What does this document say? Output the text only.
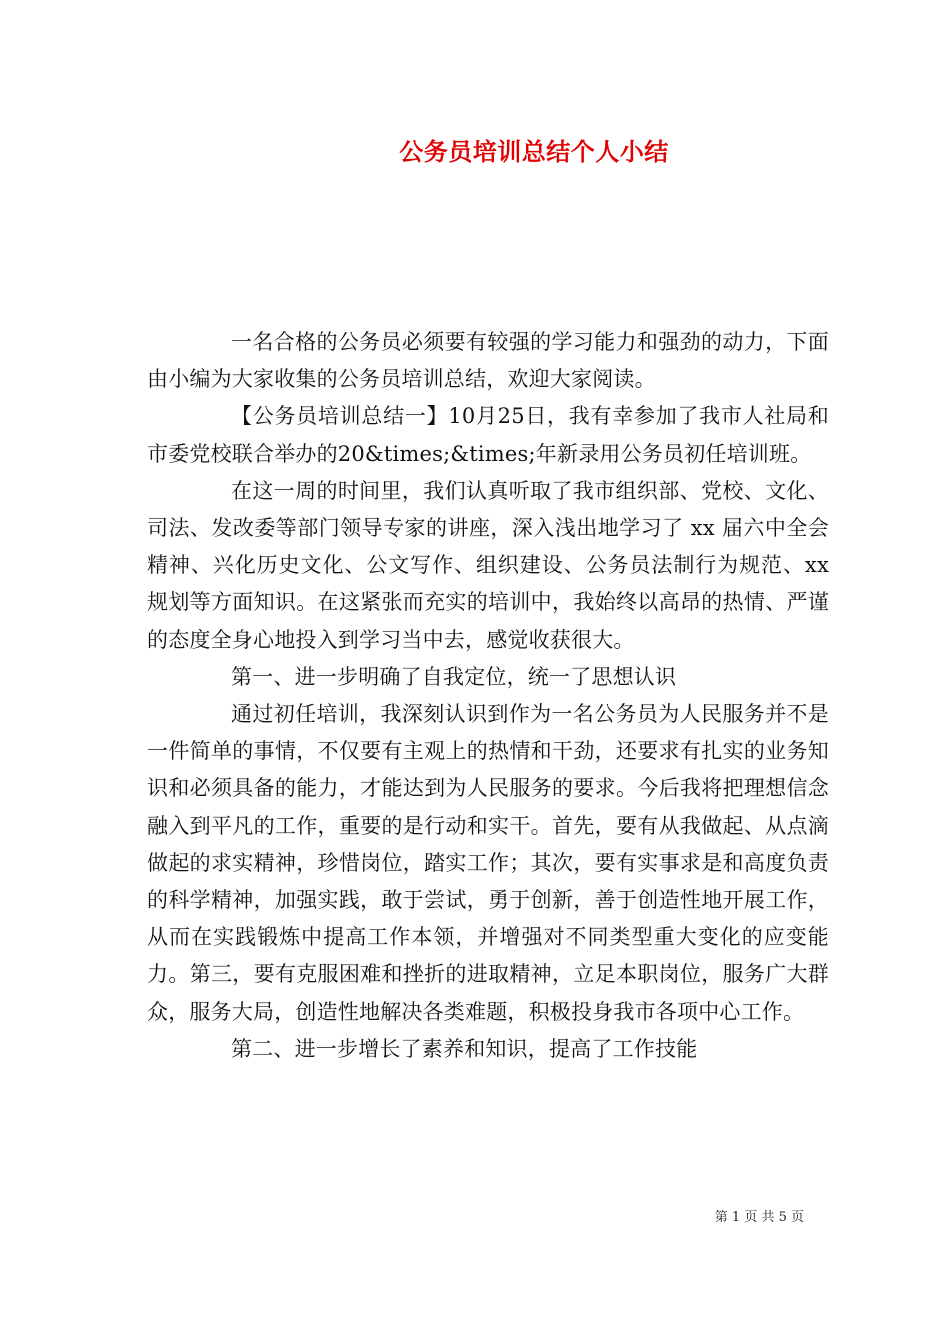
公务员培训总结个人小结

一名合格的公务员必须要有较强的学习能力和强劲的动力，下面由小编为大家收集的公务员培训总结，欢迎大家阅读。

【公务员培训总结一】10月25日，我有幸参加了我市人社局和市委党校联合举办的20&times;&times;年新录用公务员初任培训班。

在这一周的时间里，我们认真听取了我市组织部、党校、文化、司法、发改委等部门领导专家的讲座，深入浅出地学习了 xx 届六中全会精神、兴化历史文化、公文写作、组织建设、公务员法制行为规范、xx 规划等方面知识。在这紧张而充实的培训中，我始终以高昂的热情、严谨的态度全身心地投入到学习当中去，感觉收获很大。

第一、进一步明确了自我定位，统一了思想认识

通过初任培训，我深刻认识到作为一名公务员为人民服务并不是一件简单的事情，不仅要有主观上的热情和干劲，还要求有扎实的业务知识和必须具备的能力，才能达到为人民服务的要求。今后我将把理想信念融入到平凡的工作，重要的是行动和实干。首先，要有从我做起、从点滴做起的求实精神，珍惜岗位，踏实工作；其次，要有实事求是和高度负责的科学精神，加强实践，敢于尝试，勇于创新，善于创造性地开展工作，从而在实践锻炼中提高工作本领，并增强对不同类型重大变化的应变能力。第三，要有克服困难和挫折的进取精神，立足本职岗位，服务广大群众，服务大局，创造性地解决各类难题，积极投身我市各项中心工作。

第二、进一步增长了素养和知识，提高了工作技能

第 1 页 共 5 页
